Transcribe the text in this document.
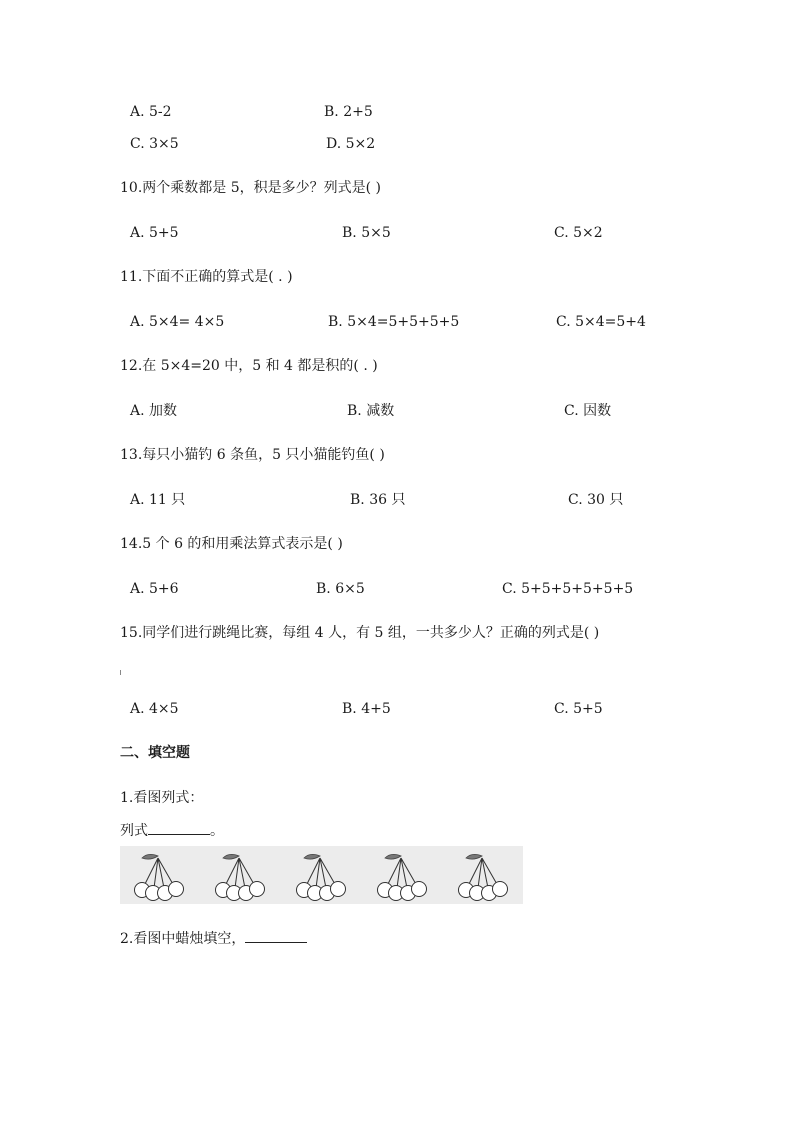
A. 5-2	B. 2+5
C. 3×5	D. 5×2
10.两个乘数都是 5，积是多少？列式是( )
A. 5+5	B. 5×5	C. 5×2
11.下面不正确的算式是( . )
A. 5×4= 4×5	B. 5×4=5+5+5+5	C. 5×4=5+4
12.在 5×4=20 中，5 和 4 都是积的( . )
A. 加数	B. 减数	C. 因数
13.每只小猫钓 6 条鱼，5 只小猫能钓鱼( )
A. 11 只	B. 36 只	C. 30 只
14.5 个 6 的和用乘法算式表示是( )
A. 5+6	B. 6×5	C. 5+5+5+5+5+5
15.同学们进行跳绳比赛，每组 4 人，有 5 组，一共多少人？正确的列式是( )
A. 4×5	B. 4+5	C. 5+5
二、填空题
1.看图列式：
列式	。
2.看图中蜡烛填空，
